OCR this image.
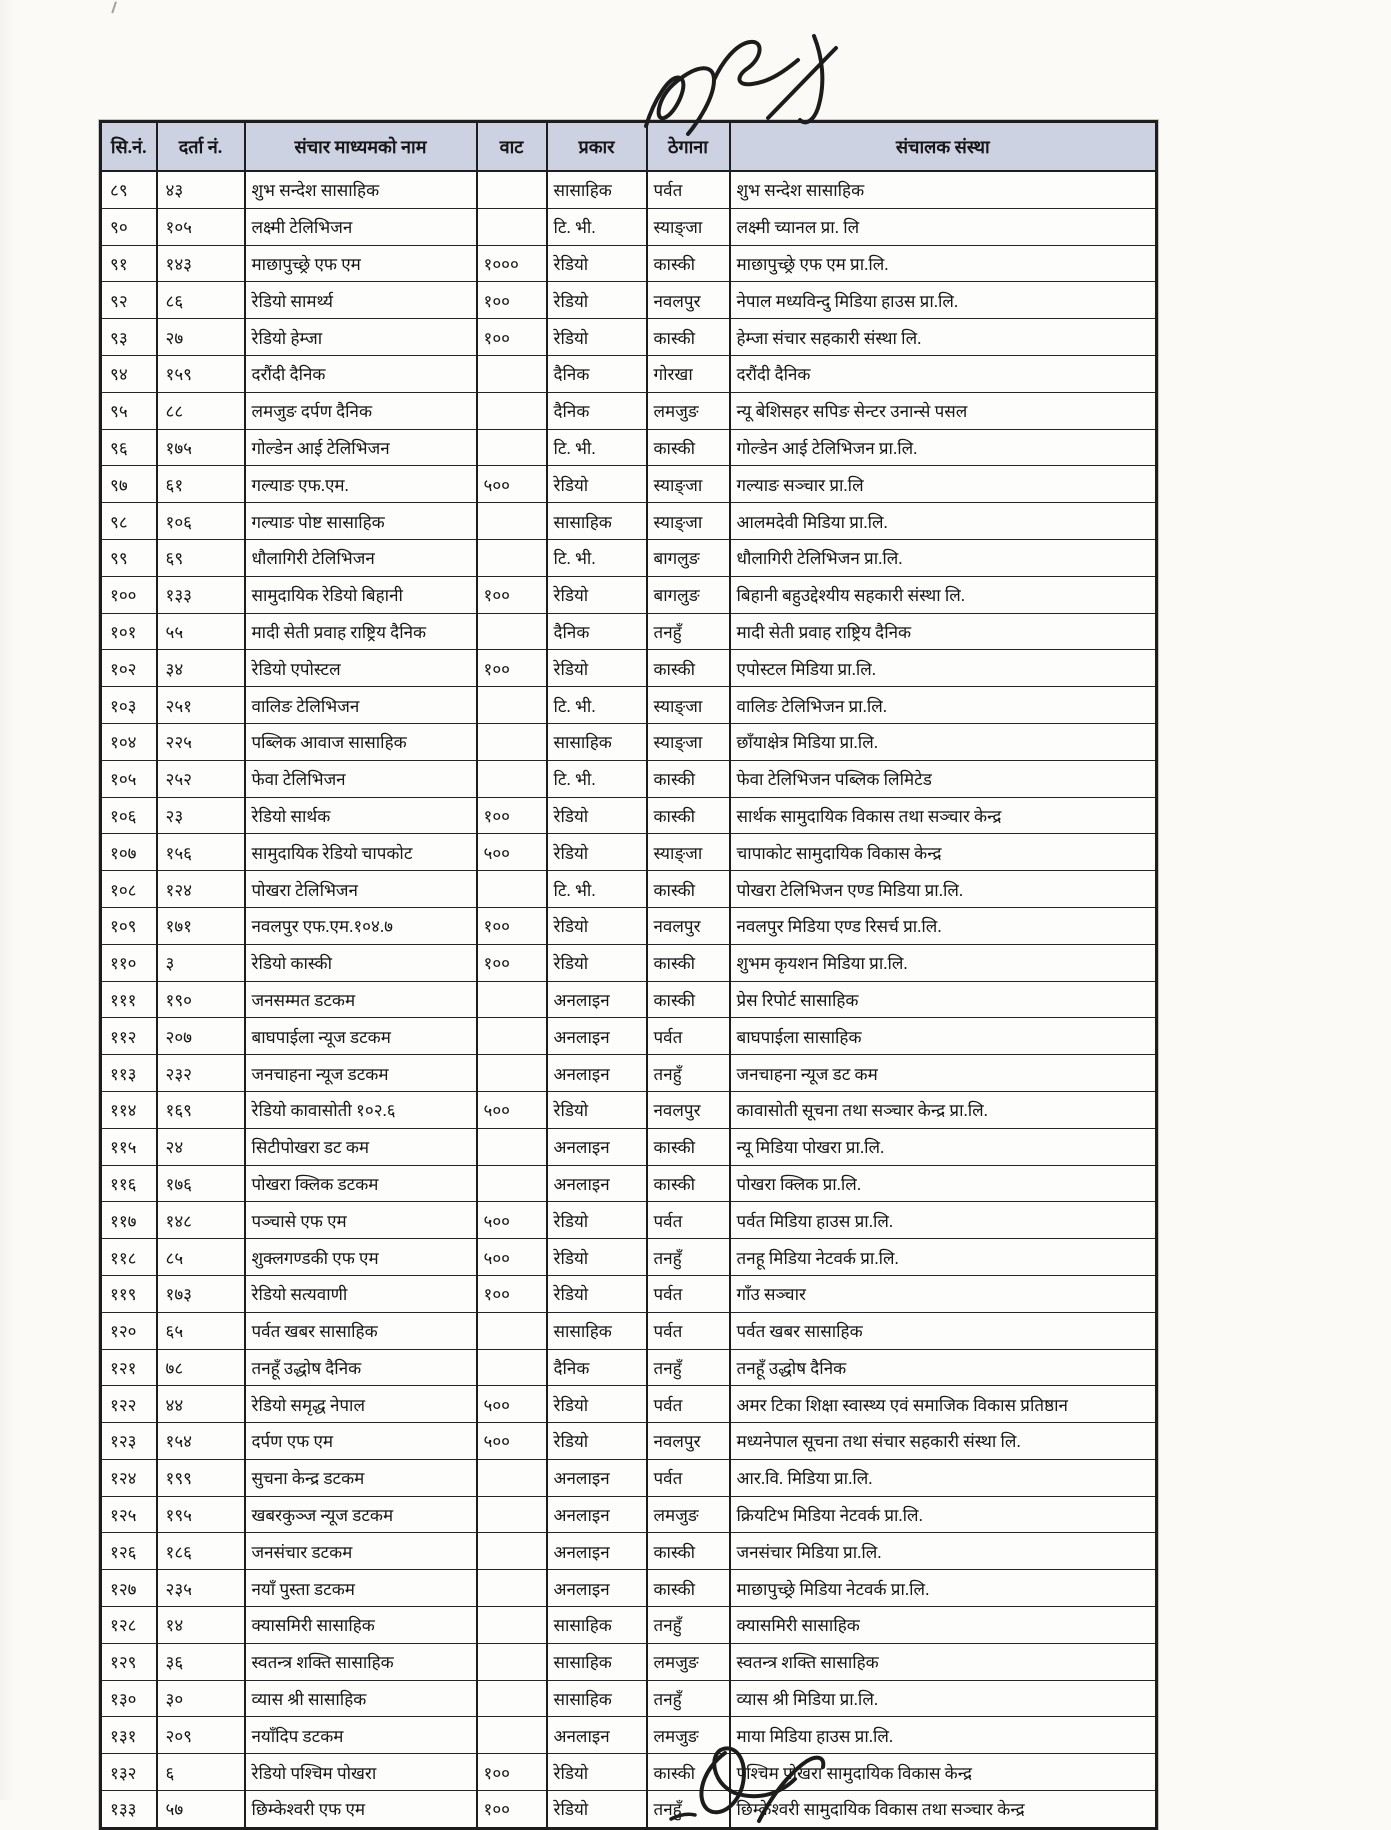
सि.नं.	दर्ता नं.	संचार माध्यमको नाम	वाट	प्रकार	ठेगाना	संचालक संस्था
८९	४३	शुभ सन्देश सासाहिक		सासाहिक	पर्वत	शुभ सन्देश सासाहिक
९०	१०५	लक्ष्मी टेलिभिजन		टि. भी.	स्याङ्जा	लक्ष्मी च्यानल प्रा. लि
९१	१४३	माछापुच्छ्रे एफ एम	१०००	रेडियो	कास्की	माछापुच्छ्रे एफ एम प्रा.लि.
९२	८६	रेडियो सामर्थ्य	१००	रेडियो	नवलपुर	नेपाल मध्यविन्दु मिडिया हाउस प्रा.लि.
९३	२७	रेडियो हेम्जा	१००	रेडियो	कास्की	हेम्जा संचार सहकारी संस्था लि.
९४	१५९	दरौंदी दैनिक		दैनिक	गोरखा	दरौंदी दैनिक
९५	८८	लमजुङ दर्पण दैनिक		दैनिक	लमजुङ	न्यू बेशिसहर सपिङ सेन्टर उनान्से पसल
९६	१७५	गोल्डेन आई टेलिभिजन		टि. भी.	कास्की	गोल्डेन आई टेलिभिजन प्रा.लि.
९७	६१	गल्याङ एफ.एम.	५००	रेडियो	स्याङ्जा	गल्याङ सञ्चार प्रा.लि
९८	१०६	गल्याङ पोष्ट सासाहिक		सासाहिक	स्याङ्जा	आलमदेवी मिडिया प्रा.लि.
९९	६९	धौलागिरी टेलिभिजन		टि. भी.	बागलुङ	धौलागिरी टेलिभिजन प्रा.लि.
१००	१३३	सामुदायिक रेडियो बिहानी	१००	रेडियो	बागलुङ	बिहानी बहुउद्देश्यीय सहकारी संस्था लि.
१०१	५५	मादी सेती प्रवाह राष्ट्रिय दैनिक		दैनिक	तनहुँ	मादी सेती प्रवाह राष्ट्रिय दैनिक
१०२	३४	रेडियो एपोस्टल	१००	रेडियो	कास्की	एपोस्टल मिडिया प्रा.लि.
१०३	२५१	वालिङ टेलिभिजन		टि. भी.	स्याङ्जा	वालिङ टेलिभिजन प्रा.लि.
१०४	२२५	पब्लिक आवाज सासाहिक		सासाहिक	स्याङ्जा	छाँयाक्षेत्र मिडिया प्रा.लि.
१०५	२५२	फेवा टेलिभिजन		टि. भी.	कास्की	फेवा टेलिभिजन पब्लिक लिमिटेड
१०६	२३	रेडियो सार्थक	१००	रेडियो	कास्की	सार्थक सामुदायिक विकास तथा सञ्चार केन्द्र
१०७	१५६	सामुदायिक रेडियो चापकोट	५००	रेडियो	स्याङ्जा	चापाकोट सामुदायिक विकास केन्द्र
१०८	१२४	पोखरा टेलिभिजन		टि. भी.	कास्की	पोखरा टेलिभिजन एण्ड मिडिया प्रा.लि.
१०९	१७१	नवलपुर एफ.एम.१०४.७	१००	रेडियो	नवलपुर	नवलपुर मिडिया एण्ड रिसर्च प्रा.लि.
११०	३	रेडियो कास्की	१००	रेडियो	कास्की	शुभम कृयशन मिडिया प्रा.लि.
१११	१९०	जनसम्मत डटकम		अनलाइन	कास्की	प्रेस रिपोर्ट सासाहिक
११२	२०७	बाघपाईला न्यूज डटकम		अनलाइन	पर्वत	बाघपाईला सासाहिक
११३	२३२	जनचाहना न्यूज डटकम		अनलाइन	तनहुँ	जनचाहना न्यूज डट कम
११४	१६९	रेडियो कावासोती १०२.६	५००	रेडियो	नवलपुर	कावासोती सूचना तथा सञ्चार केन्द्र प्रा.लि.
११५	२४	सिटीपोखरा डट कम		अनलाइन	कास्की	न्यू मिडिया पोखरा प्रा.लि.
११६	१७६	पोखरा क्लिक डटकम		अनलाइन	कास्की	पोखरा क्लिक प्रा.लि.
११७	१४८	पञ्चासे एफ एम	५००	रेडियो	पर्वत	पर्वत मिडिया हाउस प्रा.लि.
११८	८५	शुक्लगण्डकी एफ एम	५००	रेडियो	तनहुँ	तनहू मिडिया नेटवर्क प्रा.लि.
११९	१७३	रेडियो सत्यवाणी	१००	रेडियो	पर्वत	गाँउ सञ्चार
१२०	६५	पर्वत खबर सासाहिक		सासाहिक	पर्वत	पर्वत खबर सासाहिक
१२१	७८	तनहूँ उद्धोष दैनिक		दैनिक	तनहुँ	तनहूँ उद्धोष दैनिक
१२२	४४	रेडियो समृद्ध नेपाल	५००	रेडियो	पर्वत	अमर टिका शिक्षा स्वास्थ्य एवं समाजिक विकास प्रतिष्ठान
१२३	१५४	दर्पण एफ एम	५००	रेडियो	नवलपुर	मध्यनेपाल सूचना तथा संचार सहकारी संस्था लि.
१२४	१९९	सुचना केन्द्र डटकम		अनलाइन	पर्वत	आर.वि. मिडिया प्रा.लि.
१२५	१९५	खबरकुञ्ज न्यूज डटकम		अनलाइन	लमजुङ	क्रियटिभ मिडिया नेटवर्क प्रा.लि.
१२६	१८६	जनसंचार डटकम		अनलाइन	कास्की	जनसंचार मिडिया प्रा.लि.
१२७	२३५	नयाँ पुस्ता डटकम		अनलाइन	कास्की	माछापुच्छ्रे मिडिया नेटवर्क प्रा.लि.
१२८	१४	क्यासमिरी सासाहिक		सासाहिक	तनहुँ	क्यासमिरी सासाहिक
१२९	३६	स्वतन्त्र शक्ति सासाहिक		सासाहिक	लमजुङ	स्वतन्त्र शक्ति सासाहिक
१३०	३०	व्यास श्री सासाहिक		सासाहिक	तनहुँ	व्यास श्री मिडिया प्रा.लि.
१३१	२०९	नयाँदिप डटकम		अनलाइन	लमजुङ	माया मिडिया हाउस प्रा.लि.
१३२	६	रेडियो पश्चिम पोखरा	१००	रेडियो	कास्की	पश्चिम पोखरा सामुदायिक विकास केन्द्र
१३३	५७	छिम्केश्वरी एफ एम	१००	रेडियो	तनहुँ	छिम्केश्वरी सामुदायिक विकास तथा सञ्चार केन्द्र
